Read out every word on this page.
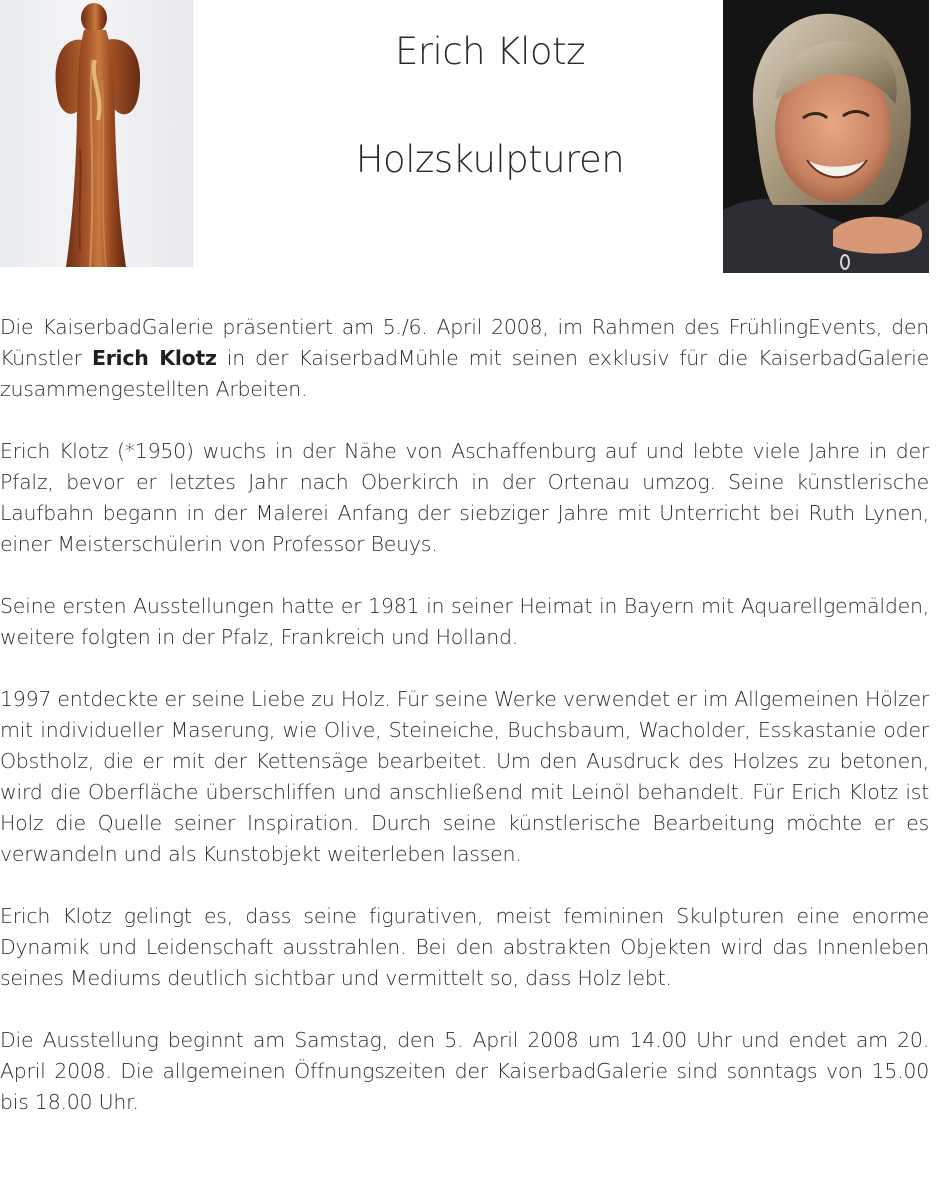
Erich Klotz
Holzskulpturen

Die KaiserbadGalerie präsentiert am 5./6. April 2008, im Rahmen des FrühlingEvents, den Künstler Erich Klotz in der KaiserbadMühle mit seinen exklusiv für die KaiserbadGalerie zusammengestellten Arbeiten.

Erich Klotz (*1950) wuchs in der Nähe von Aschaffenburg auf und lebte viele Jahre in der Pfalz, bevor er letztes Jahr nach Oberkirch in der Ortenau umzog. Seine künstlerische Laufbahn begann in der Malerei Anfang der siebziger Jahre mit Unterricht bei Ruth Lynen, einer Meisterschülerin von Professor Beuys.

Seine ersten Ausstellungen hatte er 1981 in seiner Heimat in Bayern mit Aquarellgemälden, weitere folgten in der Pfalz, Frankreich und Holland.

1997 entdeckte er seine Liebe zu Holz. Für seine Werke verwendet er im Allgemeinen Hölzer mit individueller Maserung, wie Olive, Steineiche, Buchsbaum, Wacholder, Esskastanie oder Obstholz, die er mit der Kettensäge bearbeitet. Um den Ausdruck des Holzes zu betonen, wird die Oberfläche überschliffen und anschließend mit Leinöl behandelt. Für Erich Klotz ist Holz die Quelle seiner Inspiration. Durch seine künstlerische Bearbeitung möchte er es verwandeln und als Kunstobjekt weiterleben lassen.

Erich Klotz gelingt es, dass seine figurativen, meist femininen Skulpturen eine enorme Dynamik und Leidenschaft ausstrahlen. Bei den abstrakten Objekten wird das Innenleben seines Mediums deutlich sichtbar und vermittelt so, dass Holz lebt.

Die Ausstellung beginnt am Samstag, den 5. April 2008 um 14.00 Uhr und endet am 20. April 2008. Die allgemeinen Öffnungszeiten der KaiserbadGalerie sind sonntags von 15.00 bis 18.00 Uhr.
